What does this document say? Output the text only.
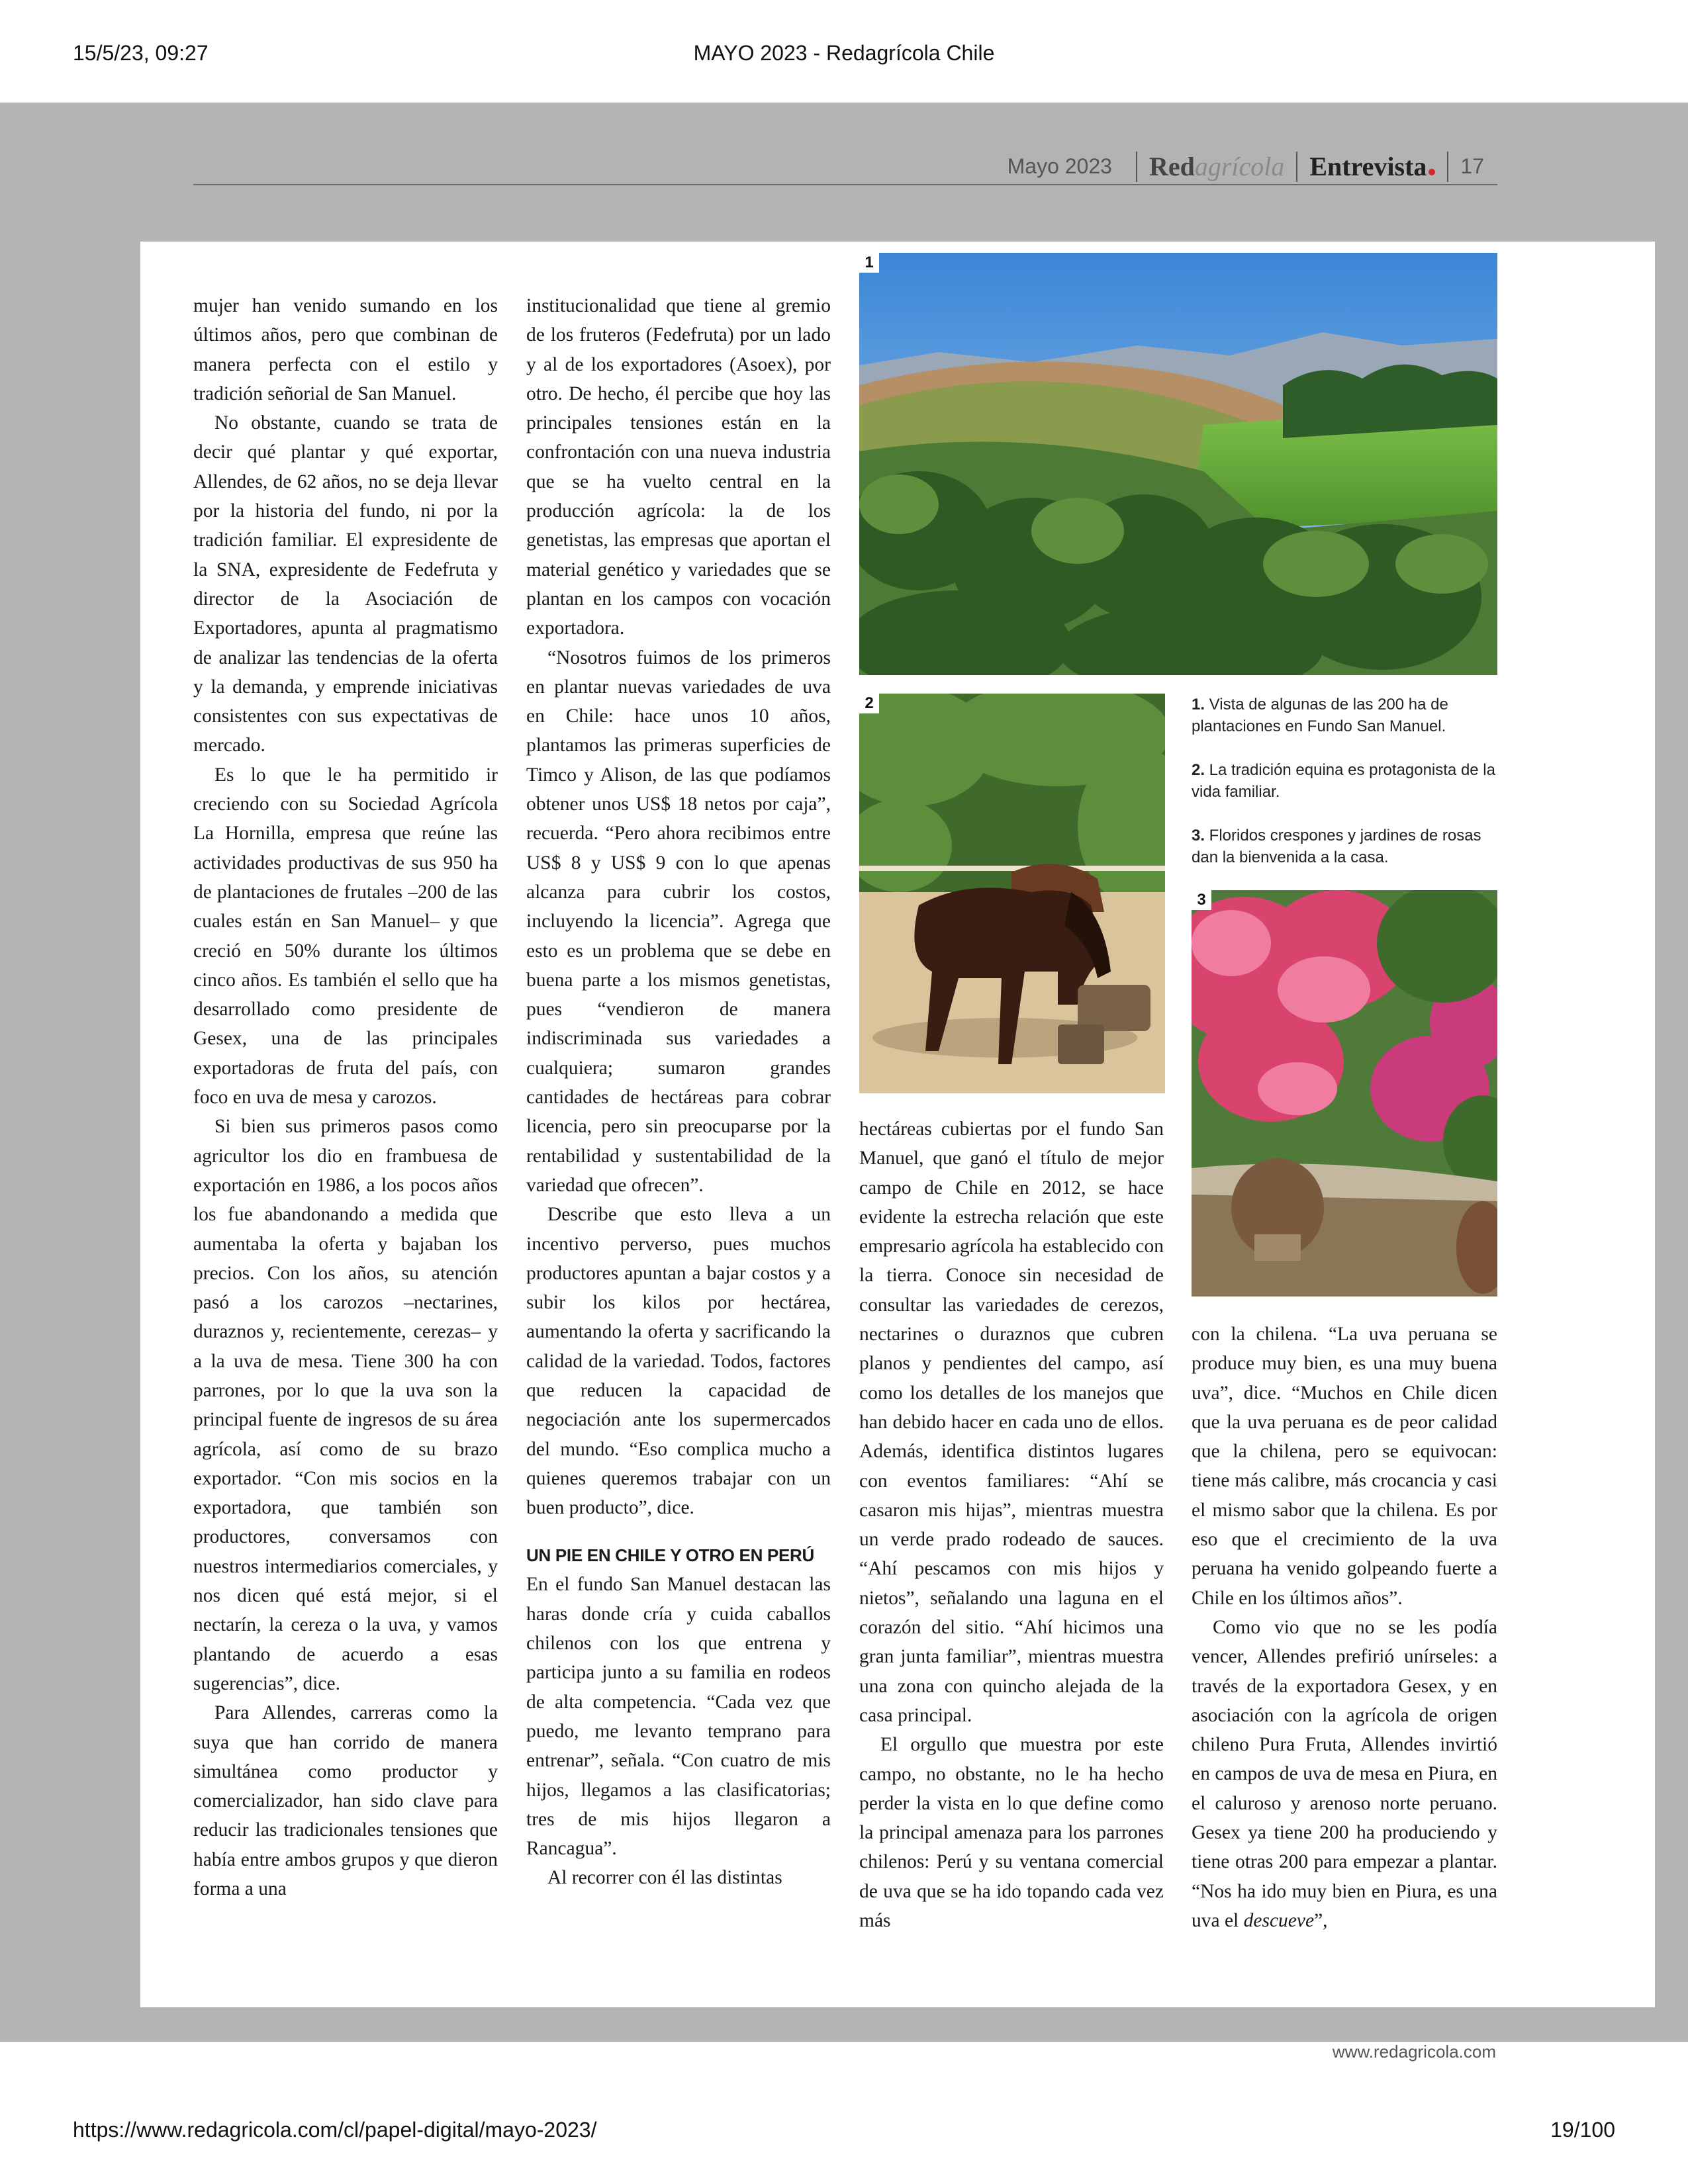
15/5/23, 09:27	MAYO 2023 - Redagrícola Chile
Mayo 2023	Redagrícola Entrevista	17

mujer han venido sumando en los últimos años, pero que combinan de manera perfecta con el estilo y tradición señorial de San Manuel.

No obstante, cuando se trata de decir qué plantar y qué exportar, Allendes, de 62 años, no se deja llevar por la historia del fundo, ni por la tradición familiar. El expresidente de la SNA, expresidente de Fedefruta y director de la Asociación de Exportadores, apunta al pragmatismo de analizar las tendencias de la oferta y la demanda, y emprende iniciativas consistentes con sus expectativas de mercado.

Es lo que le ha permitido ir creciendo con su Sociedad Agrícola La Hornilla, empresa que reúne las actividades productivas de sus 950 ha de plantaciones de frutales –200 de las cuales están en San Manuel– y que creció en 50% durante los últimos cinco años. Es también el sello que ha desarrollado como presidente de Gesex, una de las principales exportadoras de fruta del país, con foco en uva de mesa y carozos.

Si bien sus primeros pasos como agricultor los dio en frambuesa de exportación en 1986, a los pocos años los fue abandonando a medida que aumentaba la oferta y bajaban los precios. Con los años, su atención pasó a los carozos –nectarines, duraznos y, recientemente, cerezas– y a la uva de mesa. Tiene 300 ha con parrones, por lo que la uva son la principal fuente de ingresos de su área agrícola, así como de su brazo exportador. “Con mis socios en la exportadora, que también son productores, conversamos con nuestros intermediarios comerciales, y nos dicen qué está mejor, si el nectarín, la cereza o la uva, y vamos plantando de acuerdo a esas sugerencias”, dice.

Para Allendes, carreras como la suya que han corrido de manera simultánea como productor y comercializador, han sido clave para reducir las tradicionales tensiones que había entre ambos grupos y que dieron forma a una

institucionalidad que tiene al gremio de los fruteros (Fedefruta) por un lado y al de los exportadores (Asoex), por otro. De hecho, él percibe que hoy las principales tensiones están en la confrontación con una nueva industria que se ha vuelto central en la producción agrícola: la de los genetistas, las empresas que aportan el material genético y variedades que se plantan en los campos con vocación exportadora.

“Nosotros fuimos de los primeros en plantar nuevas variedades de uva en Chile: hace unos 10 años, plantamos las primeras superficies de Timco y Alison, de las que podíamos obtener unos US$ 18 netos por caja”, recuerda. “Pero ahora recibimos entre US$ 8 y US$ 9 con lo que apenas alcanza para cubrir los costos, incluyendo la licencia”. Agrega que esto es un problema que se debe en buena parte a los mismos genetistas, pues “vendieron de manera indiscriminada sus variedades a cualquiera; sumaron grandes cantidades de hectáreas para cobrar licencia, pero sin preocuparse por la rentabilidad y sustentabilidad de la variedad que ofrecen”.

Describe que esto lleva a un incentivo perverso, pues muchos productores apuntan a bajar costos y a subir los kilos por hectárea, aumentando la oferta y sacrificando la calidad de la variedad. Todos, factores que reducen la capacidad de negociación ante los supermercados del mundo. “Eso complica mucho a quienes queremos trabajar con un buen producto”, dice.

UN PIE EN CHILE Y OTRO EN PERÚ

En el fundo San Manuel destacan las haras donde cría y cuida caballos chilenos con los que entrena y participa junto a su familia en rodeos de alta competencia. “Cada vez que puedo, me levanto temprano para entrenar”, señala. “Con cuatro de mis hijos, llegamos a las clasificatorias; tres de mis hijos llegaron a Rancagua”.

Al recorrer con él las distintas

hectáreas cubiertas por el fundo San Manuel, que ganó el título de mejor campo de Chile en 2012, se hace evidente la estrecha relación que este empresario agrícola ha establecido con la tierra. Conoce sin necesidad de consultar las variedades de cerezos, nectarines o duraznos que cubren planos y pendientes del campo, así como los detalles de los manejos que han debido hacer en cada uno de ellos. Además, identifica distintos lugares con eventos familiares: “Ahí se casaron mis hijas”, mientras muestra un verde prado rodeado de sauces. “Ahí pescamos con mis hijos y nietos”, señalando una laguna en el corazón del sitio. “Ahí hicimos una gran junta familiar”, mientras muestra una zona con quincho alejada de la casa principal.

El orgullo que muestra por este campo, no obstante, no le ha hecho perder la vista en lo que define como la principal amenaza para los parrones chilenos: Perú y su ventana comercial de uva que se ha ido topando cada vez más

con la chilena. “La uva peruana se produce muy bien, es una muy buena uva”, dice. “Muchos en Chile dicen que la uva peruana es de peor calidad que la chilena, pero se equivocan: tiene más calibre, más crocancia y casi el mismo sabor que la chilena. Es por eso que el crecimiento de la uva peruana ha venido golpeando fuerte a Chile en los últimos años”.

Como vio que no se les podía vencer, Allendes prefirió unírseles: a través de la exportadora Gesex, y en asociación con la agrícola de origen chileno Pura Fruta, Allendes invirtió en campos de uva de mesa en Piura, en el caluroso y arenoso norte peruano. Gesex ya tiene 200 ha produciendo y tiene otras 200 para empezar a plantar. “Nos ha ido muy bien en Piura, es una uva el descueve”,

1
2	1. Vista de algunas de las 200 ha de plantaciones en Fundo San Manuel.
2. La tradición equina es protagonista de la vida familiar.
3. Floridos crespones y jardines de rosas dan la bienvenida a la casa.
3
www.redagricola.com
https://www.redagricola.com/cl/papel-digital/mayo-2023/	19/100
